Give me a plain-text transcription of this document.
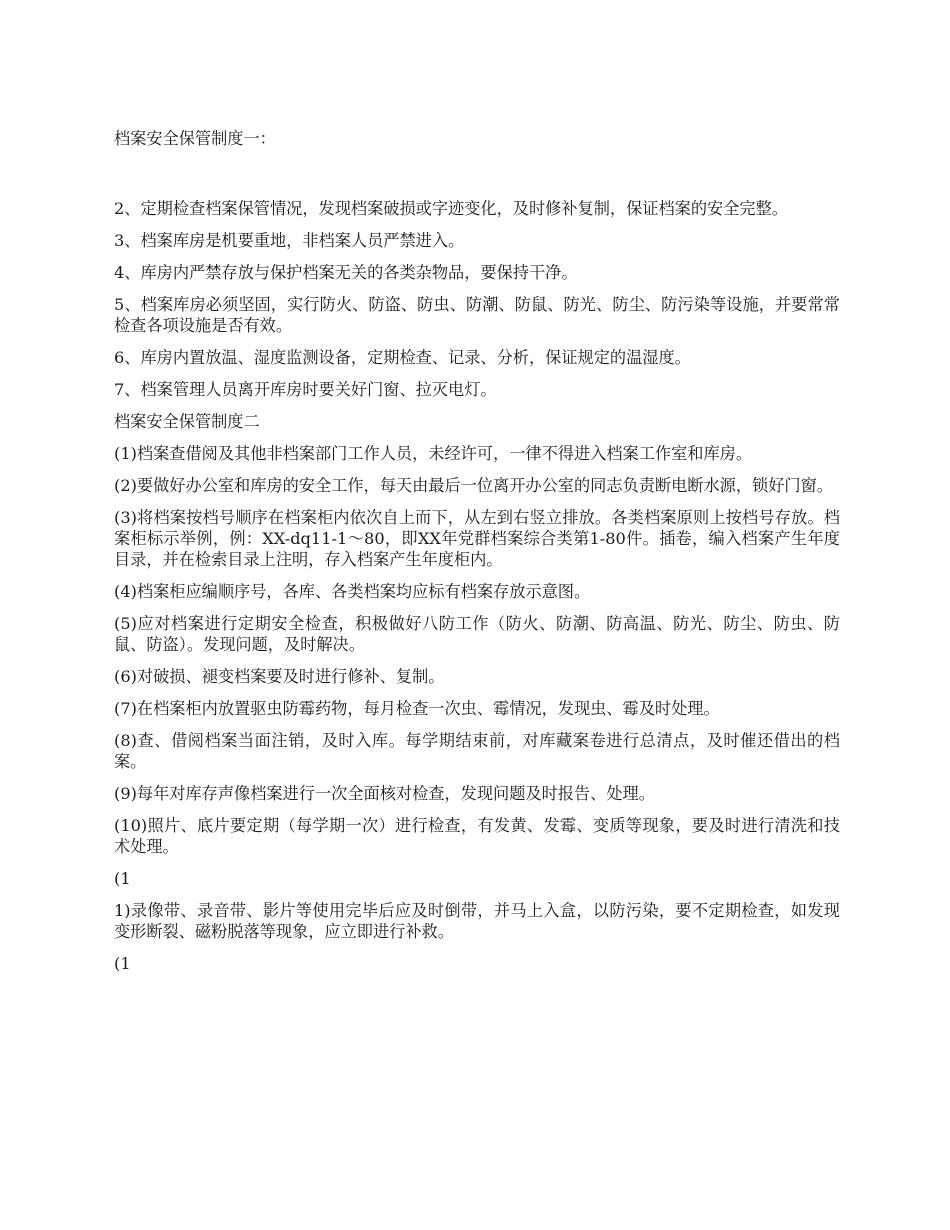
档案安全保管制度一：

2、定期检查档案保管情况，发现档案破损或字迹变化，及时修补复制，保证档案的安全完整。

3、档案库房是机要重地，非档案人员严禁进入。

4、库房内严禁存放与保护档案无关的各类杂物品，要保持干净。

5、档案库房必须坚固，实行防火、防盗、防虫、防潮、防鼠、防光、防尘、防污染等设施，并要常常检查各项设施是否有效。

6、库房内置放温、湿度监测设备，定期检查、记录、分析，保证规定的温湿度。

7、档案管理人员离开库房时要关好门窗、拉灭电灯。

档案安全保管制度二

(1)档案查借阅及其他非档案部门工作人员，未经许可，一律不得进入档案工作室和库房。

(2)要做好办公室和库房的安全工作，每天由最后一位离开办公室的同志负责断电断水源，锁好门窗。

(3)将档案按档号顺序在档案柜内依次自上而下，从左到右竖立排放。各类档案原则上按档号存放。档案柜标示举例，例：XX-dq11-1～80，即XX年党群档案综合类第1-80件。插卷，编入档案产生年度目录，并在检索目录上注明，存入档案产生年度柜内。

(4)档案柜应编顺序号，各库、各类档案均应标有档案存放示意图。

(5)应对档案进行定期安全检查，积极做好八防工作（防火、防潮、防高温、防光、防尘、防虫、防鼠、防盗）。发现问题，及时解决。

(6)对破损、褪变档案要及时进行修补、复制。

(7)在档案柜内放置驱虫防霉药物，每月检查一次虫、霉情况，发现虫、霉及时处理。

(8)查、借阅档案当面注销，及时入库。每学期结束前，对库藏案卷进行总清点，及时催还借出的档案。

(9)每年对库存声像档案进行一次全面核对检查，发现问题及时报告、处理。

(10)照片、底片要定期（每学期一次）进行检查，有发黄、发霉、变质等现象，要及时进行清洗和技术处理。

(1

1)录像带、录音带、影片等使用完毕后应及时倒带，并马上入盒，以防污染，要不定期检查，如发现变形断裂、磁粉脱落等现象，应立即进行补救。

(1
